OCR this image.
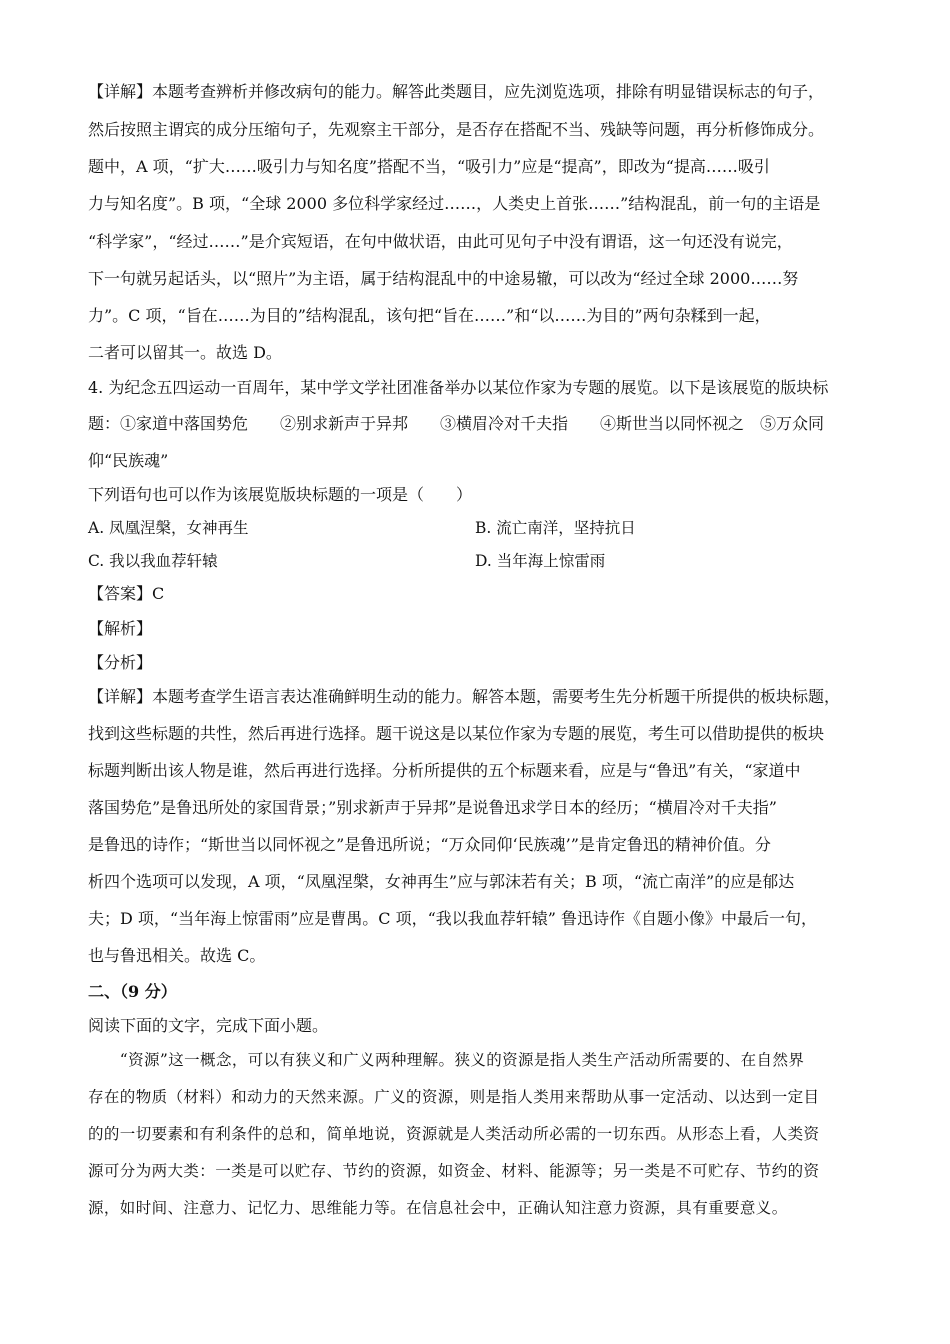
【详解】本题考查辨析并修改病句的能力。解答此类题目，应先浏览选项，排除有明显错误标志的句子，
然后按照主谓宾的成分压缩句子，先观察主干部分，是否存在搭配不当、残缺等问题，再分析修饰成分。
题中，A 项，“扩大……吸引力与知名度”搭配不当，“吸引力”应是“提高”，即改为“提高……吸引
力与知名度”。B 项，“全球 2000 多位科学家经过……，人类史上首张……”结构混乱，前一句的主语是
“科学家”，“经过……”是介宾短语，在句中做状语，由此可见句子中没有谓语，这一句还没有说完，
下一句就另起话头，以“照片”为主语，属于结构混乱中的中途易辙，可以改为“经过全球 2000……努
力”。C 项，“旨在……为目的”结构混乱，该句把“旨在……”和“以……为目的”两句杂糅到一起，
二者可以留其一。故选 D。
4. 为纪念五四运动一百周年，某中学文学社团准备举办以某位作家为专题的展览。以下是该展览的版块标
题：①家道中落国势危　　②别求新声于异邦　　③横眉冷对千夫指　　④斯世当以同怀视之　⑤万众同
仰“民族魂”
下列语句也可以作为该展览版块标题的一项是（　　）
A. 凤凰涅槃，女神再生	B. 流亡南洋，坚持抗日
C. 我以我血荐轩辕	D. 当年海上惊雷雨
【答案】C
【解析】
【分析】
【详解】本题考查学生语言表达准确鲜明生动的能力。解答本题，需要考生先分析题干所提供的板块标题，
找到这些标题的共性，然后再进行选择。题干说这是以某位作家为专题的展览，考生可以借助提供的板块
标题判断出该人物是谁，然后再进行选择。分析所提供的五个标题来看，应是与“鲁迅”有关，“家道中
落国势危”是鲁迅所处的家国背景；”别求新声于异邦”是说鲁迅求学日本的经历；“横眉冷对千夫指”
是鲁迅的诗作；“斯世当以同怀视之”是鲁迅所说；“万众同仰‘民族魂’”是肯定鲁迅的精神价值。分
析四个选项可以发现，A 项，“凤凰涅槃，女神再生”应与郭沫若有关；B 项，“流亡南洋”的应是郁达
夫；D 项，“当年海上惊雷雨”应是曹禺。C 项，“我以我血荐轩辕” 鲁迅诗作《自题小像》中最后一句，
也与鲁迅相关。故选 C。
二、（9 分）
阅读下面的文字，完成下面小题。
　　“资源”这一概念，可以有狭义和广义两种理解。狭义的资源是指人类生产活动所需要的、在自然界
存在的物质（材料）和动力的天然来源。广义的资源，则是指人类用来帮助从事一定活动、以达到一定目
的的一切要素和有利条件的总和，简单地说，资源就是人类活动所必需的一切东西。从形态上看，人类资
源可分为两大类：一类是可以贮存、节约的资源，如资金、材料、能源等；另一类是不可贮存、节约的资
源，如时间、注意力、记忆力、思维能力等。在信息社会中，正确认知注意力资源，具有重要意义。
